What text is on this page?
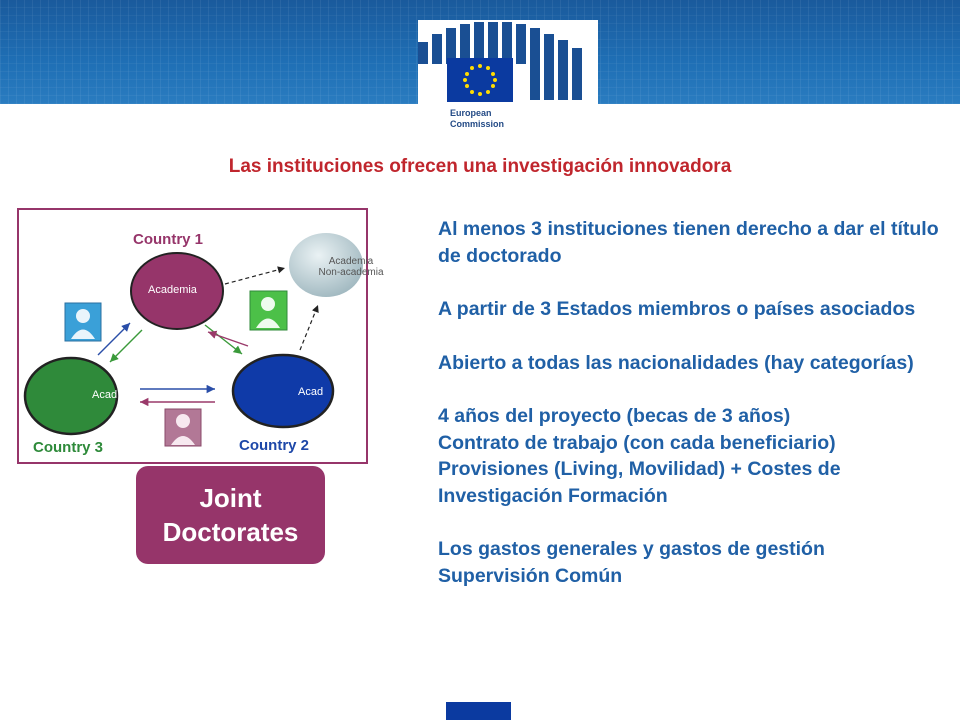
European
Commission
Las instituciones ofrecen una investigación innovadora
Academia
Acad
Acad
Academia
Non-academia
Country 1
Country 2
Country 3
Joint
Doctorates
Al menos 3 instituciones tienen derecho a dar el título de doctorado
A partir de 3 Estados miembros o países asociados
Abierto a todas las nacionalidades (hay categorías)
4 años del proyecto (becas de 3 años)
Contrato de trabajo (con cada beneficiario)
Provisiones (Living, Movilidad) + Costes de Investigación Formación
Los gastos generales y gastos de gestión
Supervisión Común
